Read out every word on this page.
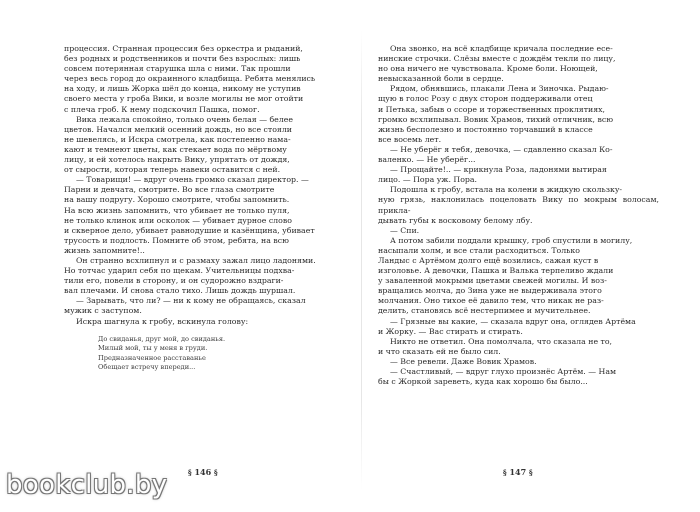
процессия. Странная процессия без оркестра и рыданий,
без родных и родственников и почти без взрослых: лишь
совсем потерянная старушка шла с ними. Так прошли
через весь город до окраинного кладбища. Ребята менялись
на ходу, и лишь Жорка шёл до конца, никому не уступив
своего места у гроба Вики, и возле могилы не мог отойти
с плеча гроб. К нему подскочил Пашка, помог.

Вика лежала спокойно, только очень белая — белее
цветов. Начался мелкий осенний дождь, но все стояли
не шевелясь, и Искра смотрела, как постепенно нама-
кают и темнеют цветы, как стекает вода по мёртвому
лицу, и ей хотелось накрыть Вику, упрятать от дождя,
от сырости, которая теперь навеки оставится с ней.

— Товарищи! — вдруг очень громко сказал директор. —
Парни и девчата, смотрите. Во все глаза смотрите
на вашу подругу. Хорошо смотрите, чтобы запомнить.
На всю жизнь запомнить, что убивает не только пуля,
не только клинок или осколок — убивает дурное слово
и скверное дело, убивает равнодушие и казёнщина, убивает
трусость и подлость. Помните об этом, ребята, на всю
жизнь запомните!..

Он странно всхлипнул и с размаху зажал лицо ладонями.
Но тотчас ударил себя по щекам. Учительницы подхва-
тили его, повели в сторону, и он судорожно вздраги-
вал плечами. И снова стало тихо. Лишь дождь шуршал.

— Зарывать, что ли? — ни к кому не обращаясь, сказал
мужик с заступом.

Искра шагнула к гробу, вскинула голову:

До свиданья, друг мой, до свиданья.
Милый мой, ты у меня в груди.
Предназначенное расставанье
Обещает встречу впереди...

Она звонко, на всё кладбище кричала последние есе-
нинские строчки. Слёзы вместе с дождём текли по лицу,
но она ничего не чувствовала. Кроме боли. Ноющей,
невысказанной боли в сердце.

Рядом, обнявшись, плакали Лена и Зиночка. Рыдаю-
щую в голос Розу с двух сторон поддерживали отец
и Петька, забыв о ссоре и торжественных проклятиях,
громко всхлипывал. Вовик Храмов, тихий отличник, всю
жизнь бесполезно и постоянно торчавший в классе
все восемь лет.

— Не уберёг я тебя, девочка, — сдавленно сказал Ко-
валенко. — Не уберёг...

— Прощайте!.. — крикнула Роза, ладонями вытирая
лицо. — Пора уж. Пора.

Подошла к гробу, встала на колени в жидкую скользку-
ную грязь, наклонилась поцеловать Вику по мокрым волосам, прикла-
дывать губы к восковому белому лбу.

— Спи.

А потом забили поддали крышку, гроб спустили в могилу,
насыпали холм, и все стали расходиться. Только
Ландыс с Артёмом долго ещё возились, сажая куст в
изголовье. А девочки, Пашка и Валька терпеливо ждали
у заваленной мокрыми цветами свежей могилы. И воз-
вращались молча, до Зина уже не выдерживала этого
молчания. Оно тихое её давило тем, что никак не раз-
делить, становясь всё нестерпимее и мучительнее.

— Грязные вы какие, — сказала вдруг она, оглядев Артёма
и Жорку. — Вас стирать и стирать.

Никто не ответил. Она помолчала, что сказала не то,
и что сказать ей не было сил.

— Все ревели. Даже Вовик Храмов.

— Счастливый, — вдруг глухо произнёс Артём. — Нам
бы с Жоркой зареветь, куда как хорошо бы было...

§ 146 §	§ 147 §
bookclub.by
